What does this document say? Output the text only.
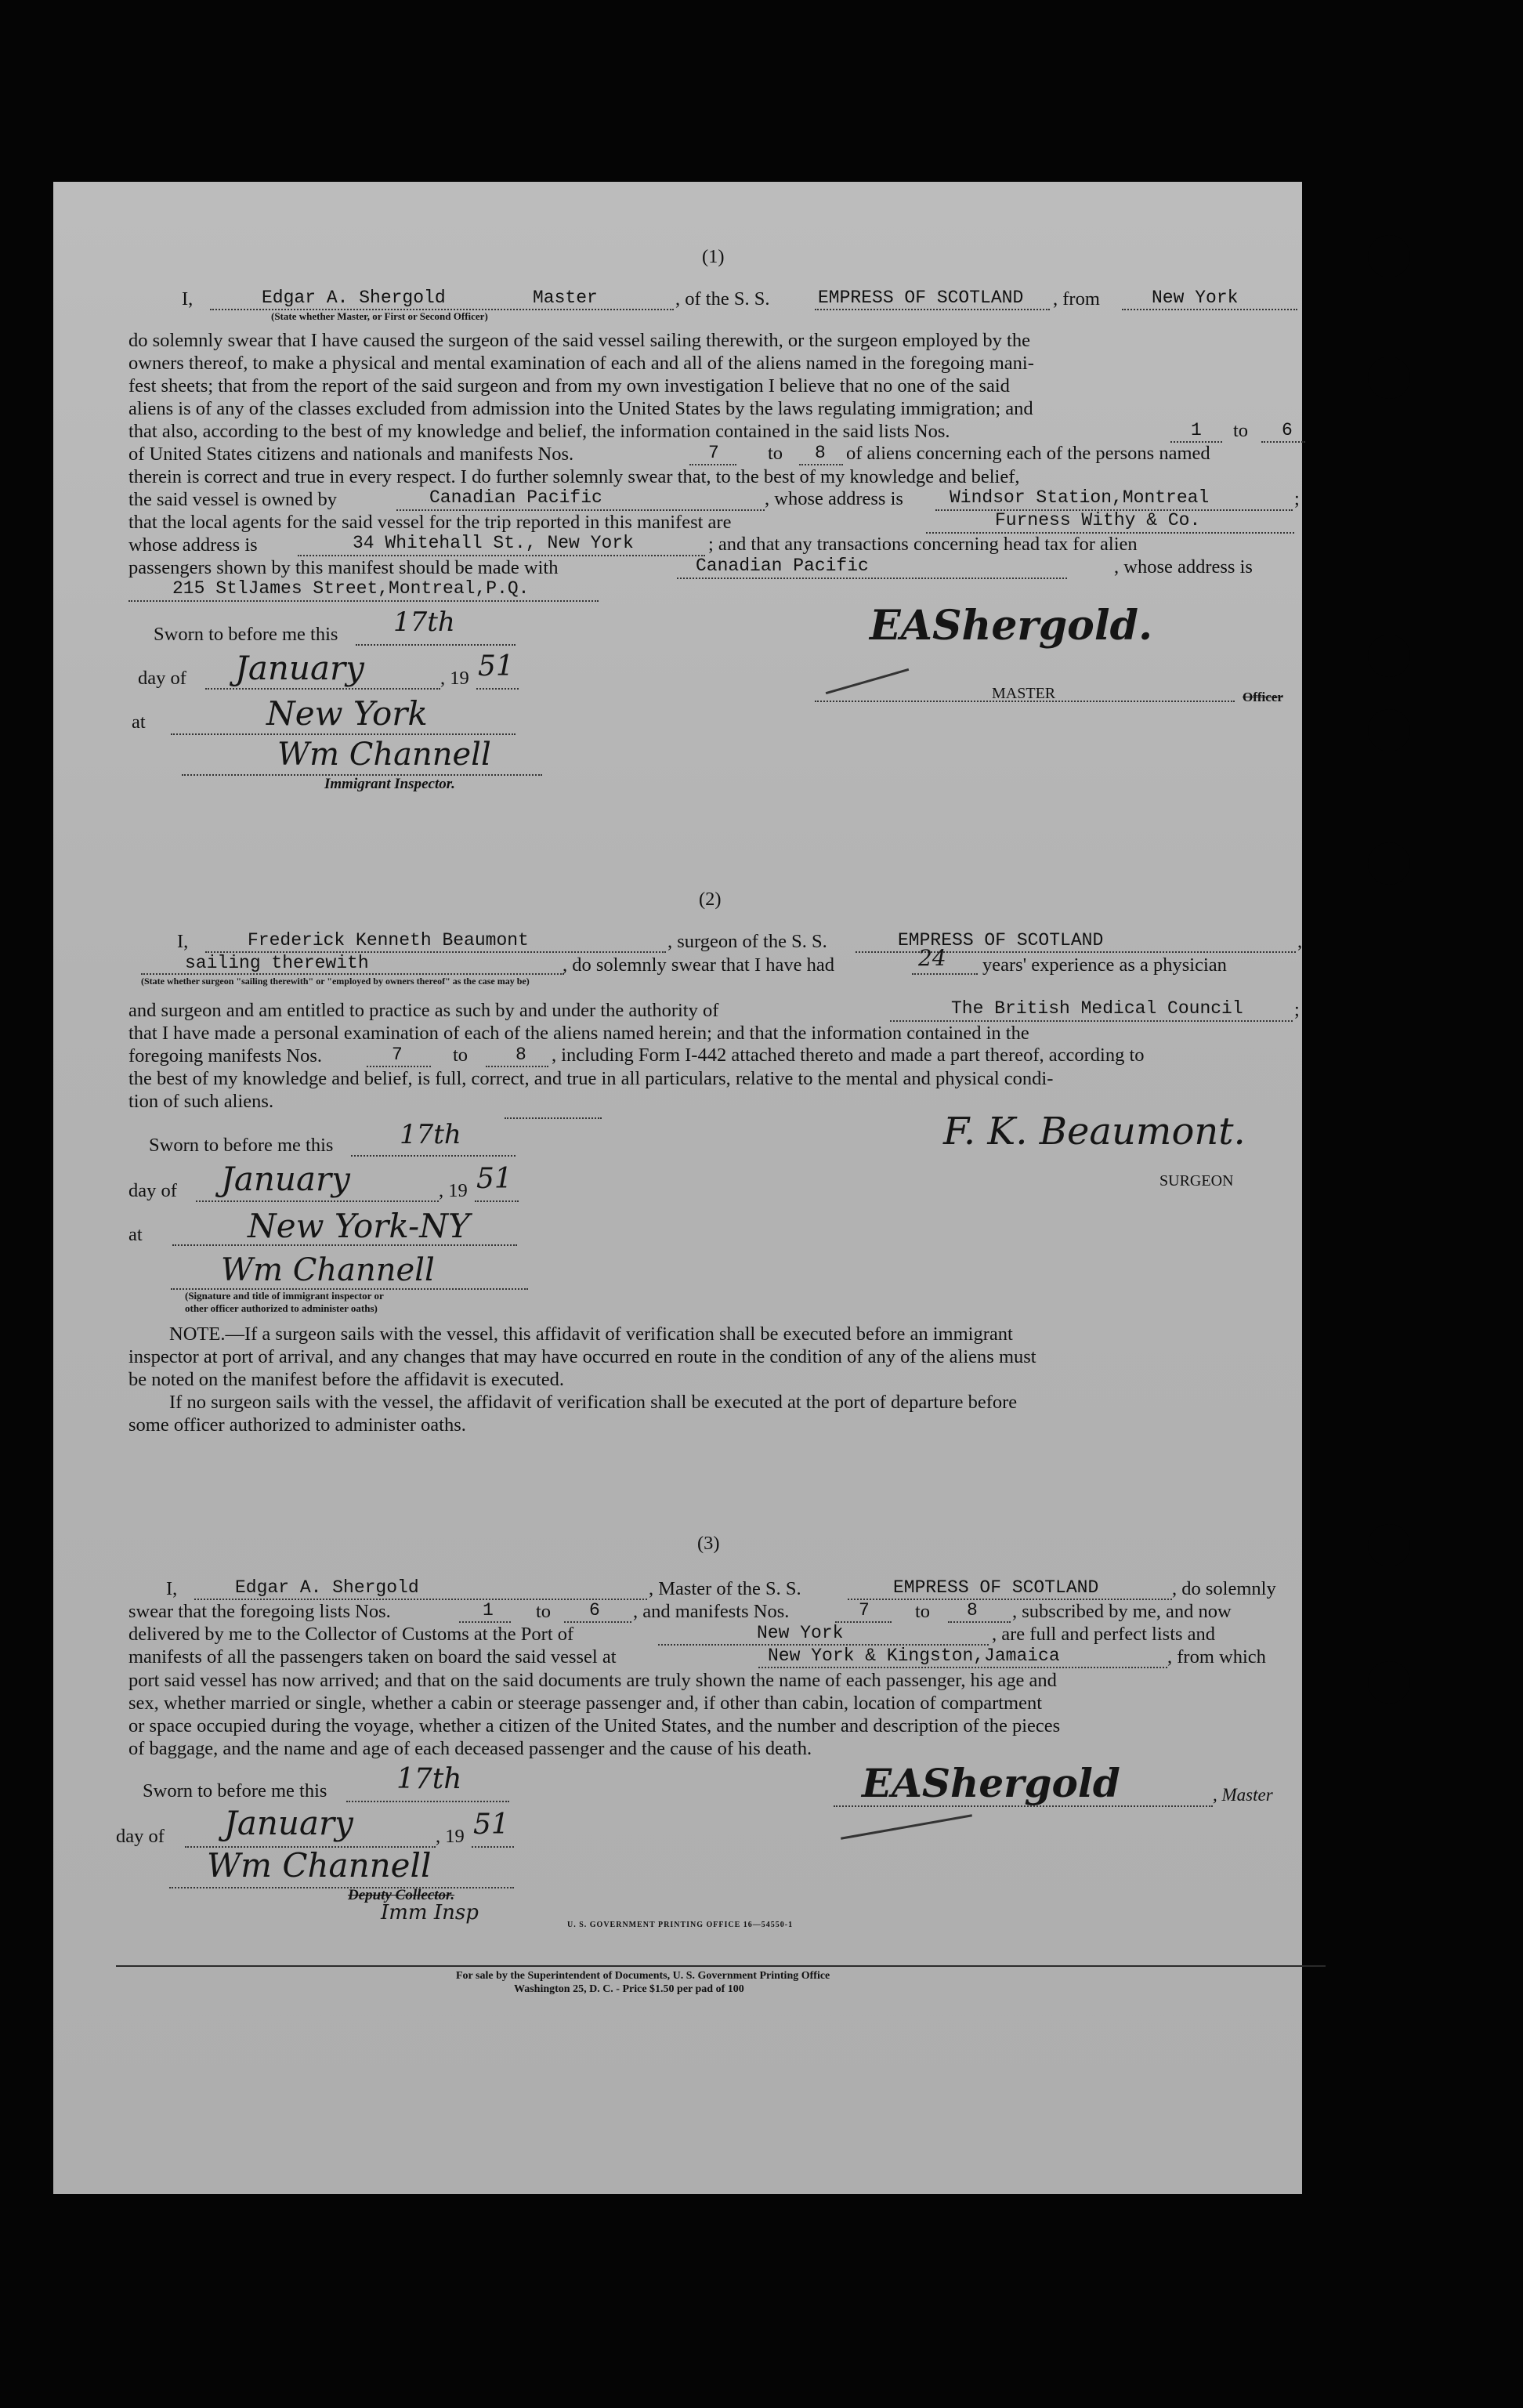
(1)
I,	Edgar A. Shergold	Master	, of the S. S.	EMPRESS OF SCOTLAND , from	New York
(State whether Master, or First or Second Officer)

do solemnly swear that I have caused the surgeon of the said vessel sailing therewith, or the surgeon employed by the

owners thereof, to make a physical and mental examination of each and all of the aliens named in the foregoing mani-

fest sheets; that from the report of the said surgeon and from my own investigation I believe that no one of the said

aliens is of any of the classes excluded from admission into the United States by the laws regulating immigration; and

that also, according to the best of my knowledge and belief, the information contained in the said lists Nos.	1 to 6

of United States citizens and nationals and manifests Nos.	7	to 8 of aliens concerning each of the persons named

therein is correct and true in every respect. I do further solemnly swear that, to the best of my knowledge and belief,

the said vessel is owned by	Canadian Pacific	, whose address is	Windsor Station,Montreal	;

that the local agents for the said vessel for the trip reported in this manifest are	Furness Withy & Co.

whose address is	34 Whitehall St., New York	; and that any transactions concerning head tax for alien

passengers shown by this manifest should be made with	Canadian Pacific	, whose address is
215 StlJames Street,Montreal,P.Q.
Sworn to before me this 17th
day of January	, 19 51
at	New York
Wm Channell
Immigrant Inspector.
EAShergold.
MASTER	Officer
(2)
I,	Frederick Kenneth Beaumont	, surgeon of the S. S.	EMPRESS OF SCOTLAND	,
sailing therewith	, do solemnly swear that I have had	24 years' experience as a physician
(State whether surgeon "sailing therewith" or "employed by owners thereof" as the case may be)

and surgeon and am entitled to practice as such by and under the authority of	The British Medical Council	;

that I have made a personal examination of each of the aliens named herein; and that the information contained in the

foregoing manifests Nos.	7	to	8 , including Form I-442 attached thereto and made a part thereof, according to

the best of my knowledge and belief, is full, correct, and true in all particulars, relative to the mental and physical condi-

tion of such aliens.

Sworn to before me this 17th
day of January	, 19 51
at	New York-NY
Wm Channell
(Signature and title of immigrant inspector or
other officer authorized to administer oaths)
F. K. Beaumont.
SURGEON

NOTE.—If a surgeon sails with the vessel, this affidavit of verification shall be executed before an immigrant

inspector at port of arrival, and any changes that may have occurred en route in the condition of any of the aliens must

be noted on the manifest before the affidavit is executed.

If no surgeon sails with the vessel, the affidavit of verification shall be executed at the port of departure before

some officer authorized to administer oaths.

(3)
I,	Edgar A. Shergold	, Master of the S. S.	EMPRESS OF SCOTLAND	, do solemnly
swear that the foregoing lists Nos.	1 to 6 , and manifests Nos.	7 to 8 , subscribed by me, and now
delivered by me to the Collector of Customs at the Port of	New York	, are full and perfect lists and
manifests of all the passengers taken on board the said vessel at	New York & Kingston,Jamaica	, from which

port said vessel has now arrived; and that on the said documents are truly shown the name of each passenger, his age and

sex, whether married or single, whether a cabin or steerage passenger and, if other than cabin, location of compartment

or space occupied during the voyage, whether a citizen of the United States, and the number and description of the pieces

of baggage, and the name and age of each deceased passenger and the cause of his death.

Sworn to before me this 17th
day of January	, 19 51
Wm Channell
Deputy Collector.
Imm Insp
EAShergold	, Master
U. S. GOVERNMENT PRINTING OFFICE 16—54550-1
For sale by the Superintendent of Documents, U. S. Government Printing Office
Washington 25, D. C. - Price $1.50 per pad of 100
